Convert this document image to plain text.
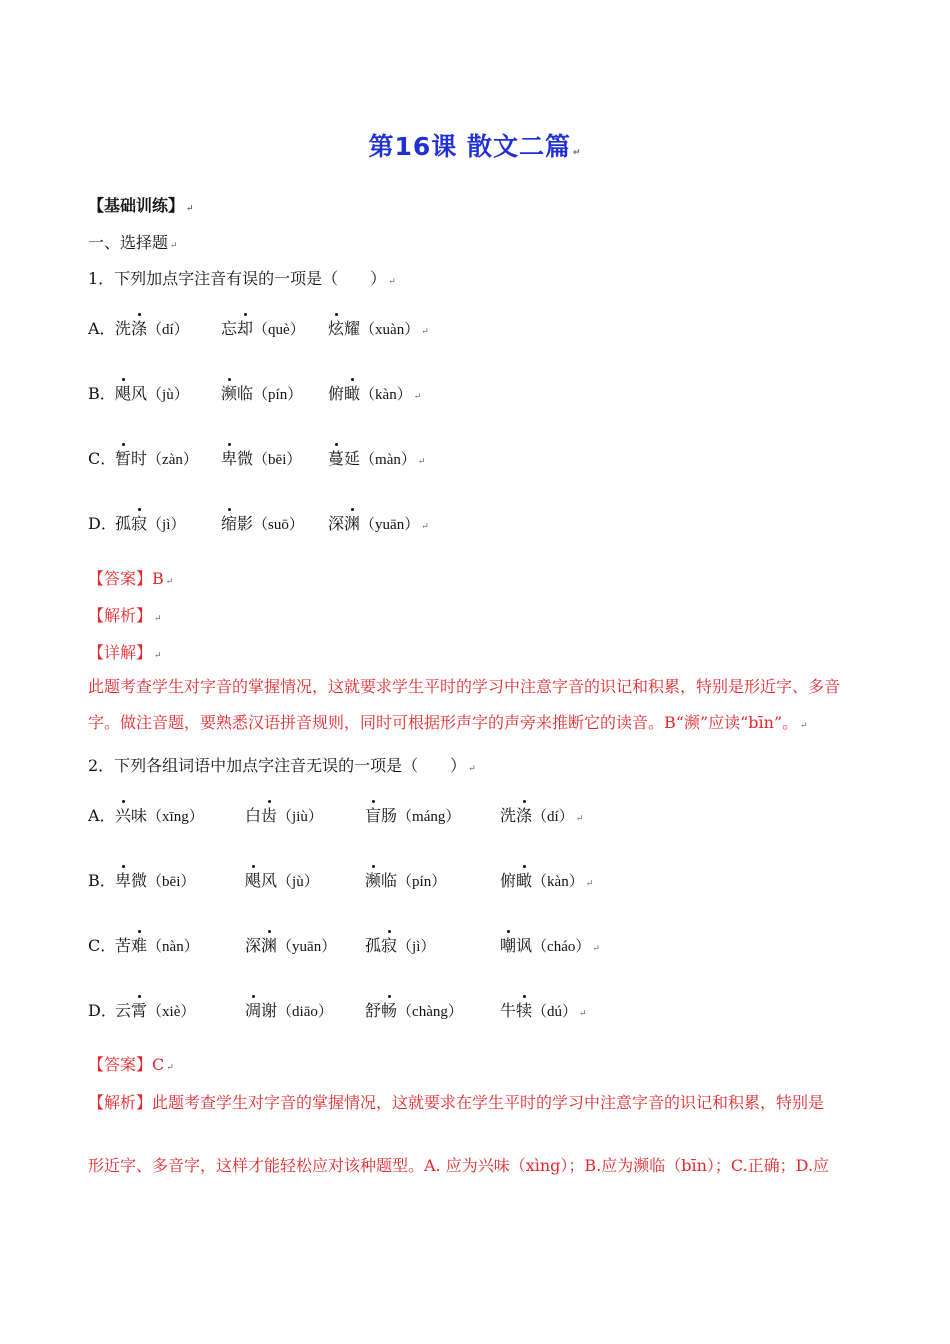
第16课 散文二篇 ↵
【基础训练】 ↵
一、选择题 ↵
1．下列加点字注音有误的一项是（　　） ↵
A． 洗涤（dí） 忘却（què） 炫耀（xuàn） ↵
B． 飓风（jù） 濒临（pín） 俯瞰（kàn） ↵
C．
暂时（zàn） 卑微（bēi） 蔓延（màn） ↵
D．
孤寂（jì） 缩影（suō） 深渊（yuān） ↵
【答案】B ↵
【解析】 ↵
【详解】 ↵
此题考查学生对字音的掌握情况，这就要求学生平时的学习中注意字音的识记和积累，特别是形近字、多音字。做注音题，要熟悉汉语拼音规则，同时可根据形声字的声旁来推断它的读音。B“濒”应读“bīn”。 ↵
2．下列各组词语中加点字注音无误的一项是（　　） ↵
A． 兴味（xīng）	白齿（jiù）	盲肠（máng） 洗涤（dí） ↵
B． 卑微（bēi）	飓风（jù）	濒临（pín）	俯瞰（kàn） ↵
C．
苦难（nàn）	深渊（yuān） 孤寂（jì）	嘲讽（cháo） ↵
D．
云霄（xiè）	凋谢（diāo） 舒畅（chàng） 牛犊（dú） ↵
【答案】C ↵
【解析】此题考查学生对字音的掌握情况，这就要求在学生平时的学习中注意字音的识记和积累，特别是
形近字、多音字，这样才能轻松应对该种题型。A. 应为兴味（xìng）；B.应为濒临（bīn）；C.正确；D.应
